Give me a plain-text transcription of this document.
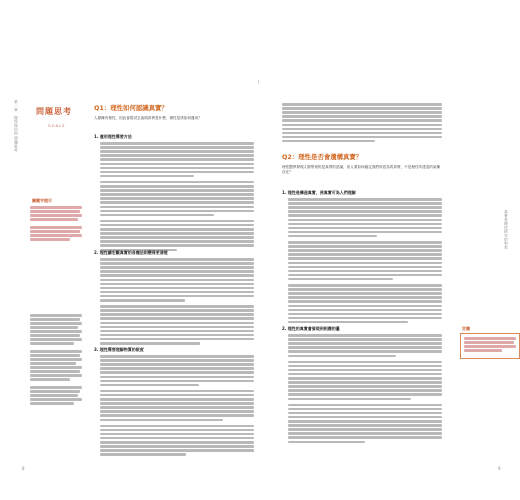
第一章　理性與信仰 問題思考
問題思考
GOALS
關鍵字提示
Q1：理性如何認識真實？
人類擁有理性，因此會嘗試去說明真實是什麼，理性是該如何運用？
1. 運用理性需要方法
2. 理性讓宏觀真實的各種法則變得更清楚
3. 理性需要理解物質的限度
8
Q2：理性是否會遺構真實？
理性醫學發現人類學到的是真實的認識，但人要如何確定我們所認為的真實，不是理性所建造的某種存在？
1. 理性是構造真實，使真實可為人們理解
2. 理性的真實會發現到相應的量	定義
真實是理性探究的對象
9
